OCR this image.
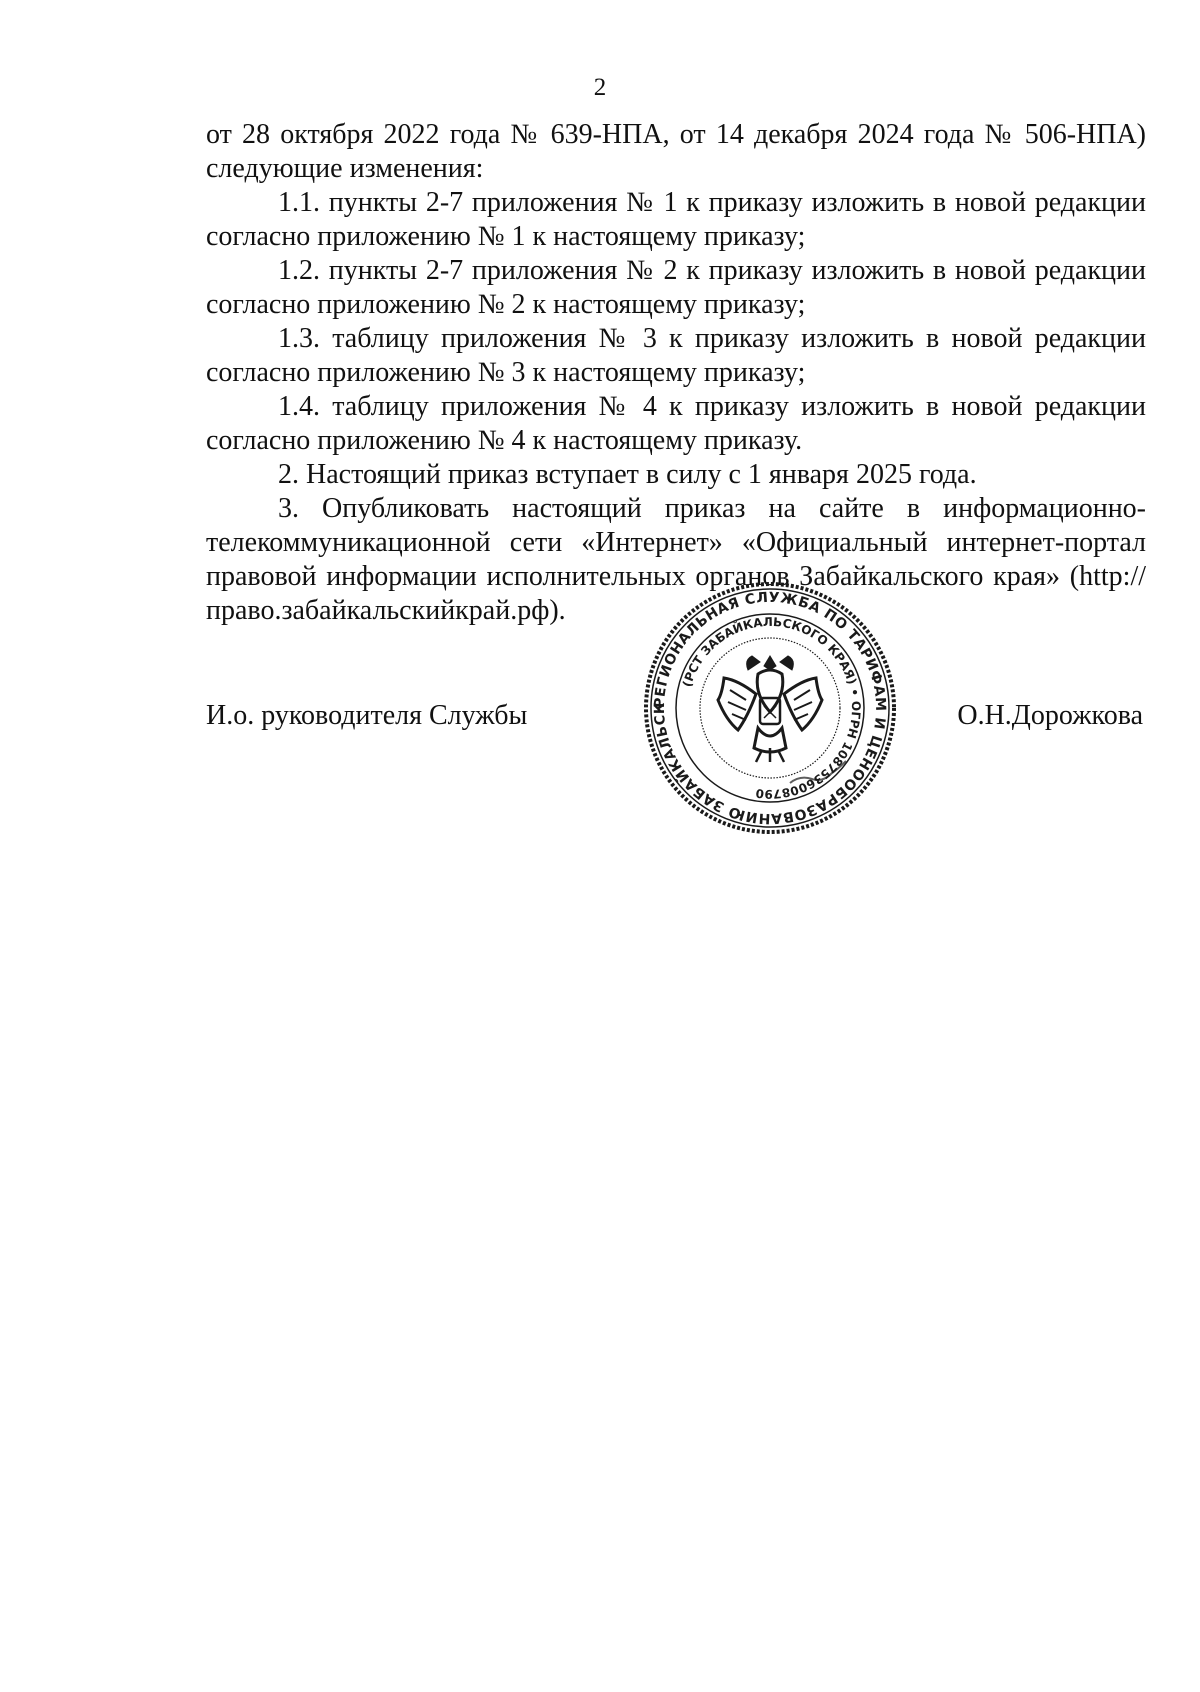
2

от 28 октября 2022 года № 639-НПА, от 14 декабря 2024 года № 506-НПА) следующие изменения:

1.1. пункты 2-7 приложения № 1 к приказу изложить в новой редакции согласно приложению № 1 к настоящему приказу;

1.2. пункты 2-7 приложения № 2 к приказу изложить в новой редакции согласно приложению № 2 к настоящему приказу;

1.3. таблицу приложения № 3 к приказу изложить в новой редакции согласно приложению № 3 к настоящему приказу;

1.4. таблицу приложения № 4 к приказу изложить в новой редакции согласно приложению № 4 к настоящему приказу.

2. Настоящий приказ вступает в силу с 1 января 2025 года.

3. Опубликовать настоящий приказ на сайте в информационно-телекоммуникационной сети «Интернет» «Официальный интернет-портал правовой информации исполнительных органов Забайкальского края» (http://право.забайкальскийкрай.рф).

И.о. руководителя Службы	О.Н.Дорожкова
РЕГИОНАЛЬНАЯ СЛУЖБА ПО ТАРИФАМ И ЦЕНООБРАЗОВАНИЮ ЗАБАЙКАЛЬСК
(РСТ ЗАБАЙКАЛЬСКОГО КРАЯ) • ОГРН 1087536008790
